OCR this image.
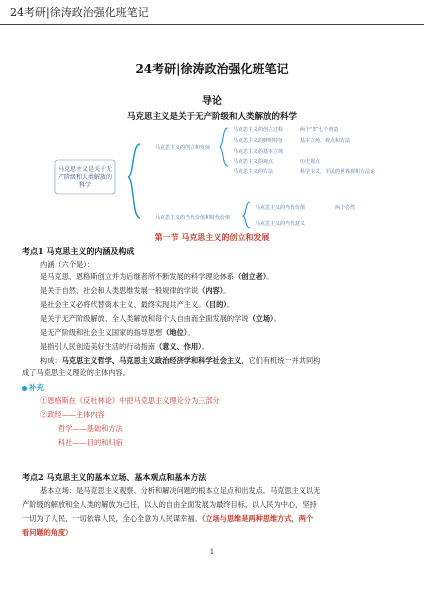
24考研|徐涛政治强化班笔记
24考研|徐涛政治强化班笔记
导论
马克思主义是关于无产阶级和人类解放的科学
马克思主义是关于无
产阶级和人类解放的
科学
马克思主义的创立和发展
马克思主义的创立过程
马克思主义的鲜明特征
马克思主义的基本立场
马克思主义的观点
马克思主义的方法
两个“3”七个创造
基本立场、观点和方法
历史观点
科学主义、平民的世界观和方法论
马克思主义的当代价值和时代价值
马克思主义的当代价值
马克思主义的当代意义
两个必然
第一节 马克思主义的创立和发展
考点1 马克思主义的内涵及构成
内涵（六个是）：
是马克思、恩格斯创立并为后继者所不断发展的科学理论体系（创立者）。
是关于自然、社会和人类思维发展一般规律的学说（内容）。
是社会主义必将代替资本主义、最终实现共产主义。（目的）。
是关于无产阶级解放、全人类解放和每个人自由而全面发展的学说（立场）。
是无产阶级和社会主义国家的指导思想（地位）。
是指引人民创造美好生活的行动指南（意义、作用）。
构成：马克思主义哲学、马克思主义政治经济学和科学社会主义，它们有机统一并共同构
成了马克思主义理论的主体内容。
补充
①恩格斯在《反杜林论》中把马克思主义理论分为三部分
②政经——主体内容
哲学——基础和方法
科社——目的和归宿
考点2 马克思主义的基本立场、基本观点和基本方法
基本立场：是马克思主义观察、分析和解决问题的根本立足点和出发点。马克思主义以无
产阶级的解放和全人类的解放为己任，以人的自由全面发展为最终目标，以人民为中心，坚持
一切为了人民，一切依靠人民，全心全意为人民谋幸福。（立场与思维是两种思维方式，两个
看问题的角度）
1
